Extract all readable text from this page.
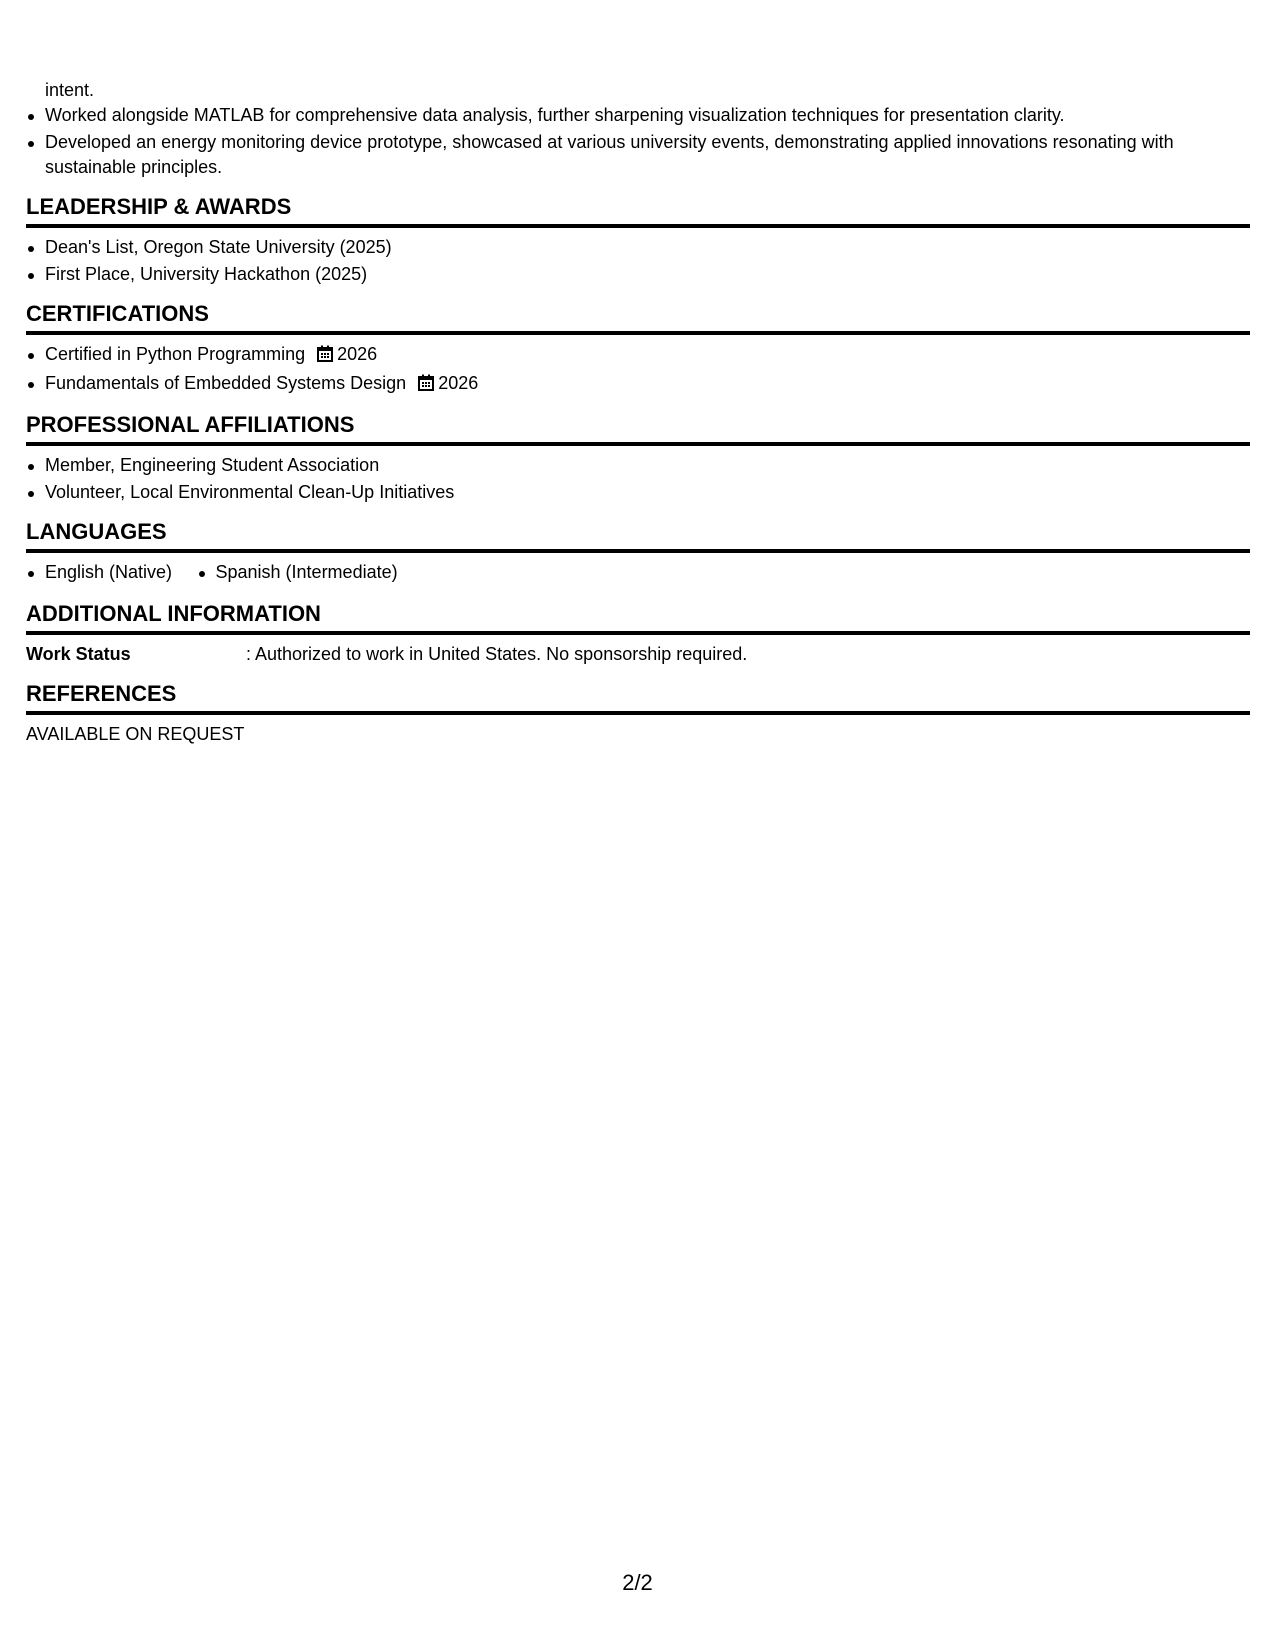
intent.
Worked alongside MATLAB for comprehensive data analysis, further sharpening visualization techniques for presentation clarity.
Developed an energy monitoring device prototype, showcased at various university events, demonstrating applied innovations resonating with sustainable principles.
LEADERSHIP & AWARDS
Dean's List, Oregon State University (2025)
First Place, University Hackathon (2025)
CERTIFICATIONS
Certified in Python Programming 2026
Fundamentals of Embedded Systems Design 2026
PROFESSIONAL AFFILIATIONS
Member, Engineering Student Association
Volunteer, Local Environmental Clean-Up Initiatives
LANGUAGES
English (Native) Spanish (Intermediate)
ADDITIONAL INFORMATION
Work Status	: Authorized to work in United States. No sponsorship required.
REFERENCES

AVAILABLE ON REQUEST

2/2
